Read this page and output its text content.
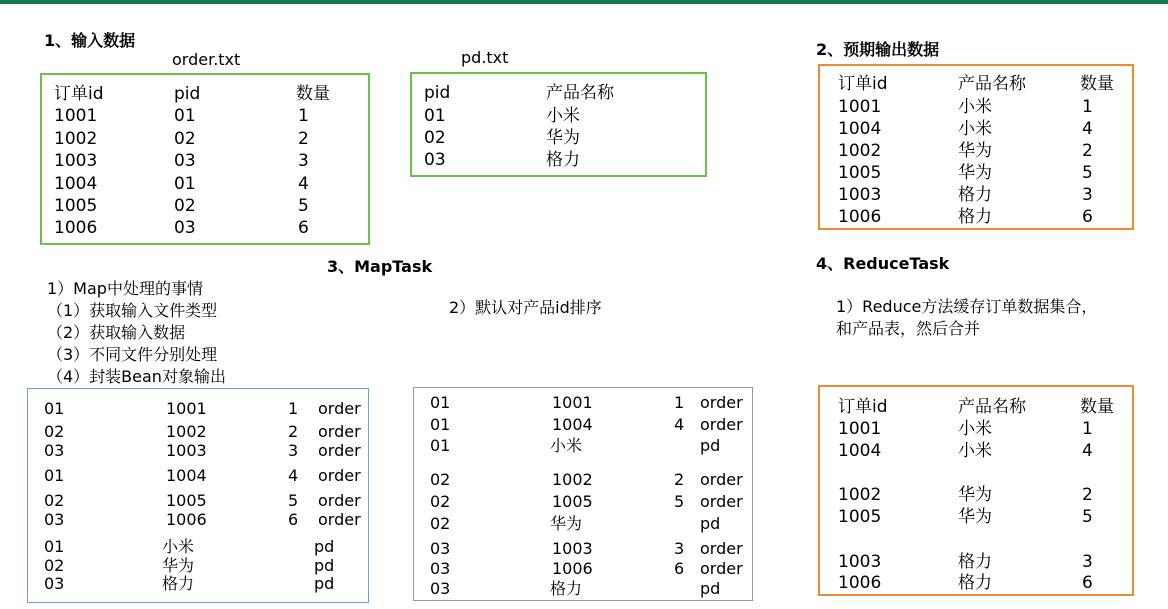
1、输入数据
order.txt	pd.txt
订单id	pid	数量
1001	01	1
1002	02	2
1003	03	3
1004	01	4
1005	02	5
1006	03	6
pid	产品名称
01	小米
02	华为
03	格力
2、预期输出数据
订单id	产品名称	数量
1001	小米	1
1004	小米	4
1002	华为	2
1005	华为	5
1003	格力	3
1006	格力	6
3、MapTask
1）Map中处理的事情
（1）获取输入文件类型
（2）获取输入数据
（3）不同文件分别处理
（4）封装Bean对象输出
2）默认对产品id排序
01	1001	1 order
02	1002	2 order
03	1003	3 order
01	1004	4 order
02	1005	5 order
03	1006	6 order
01	小米	pd
02	华为	pd
03	格力	pd
01	1001	1 order
01	1004	4 order
01	小米	pd
02	1002	2 order
02	1005	5 order
02	华为	pd
03	1003	3 order
03	1006	6 order
03	格力	pd
4、ReduceTask
1）Reduce方法缓存订单数据集合，
和产品表，然后合并
订单id	产品名称	数量
1001	小米	1
1004	小米	4
1002	华为	2
1005	华为	5
1003	格力	3
1006	格力	6
